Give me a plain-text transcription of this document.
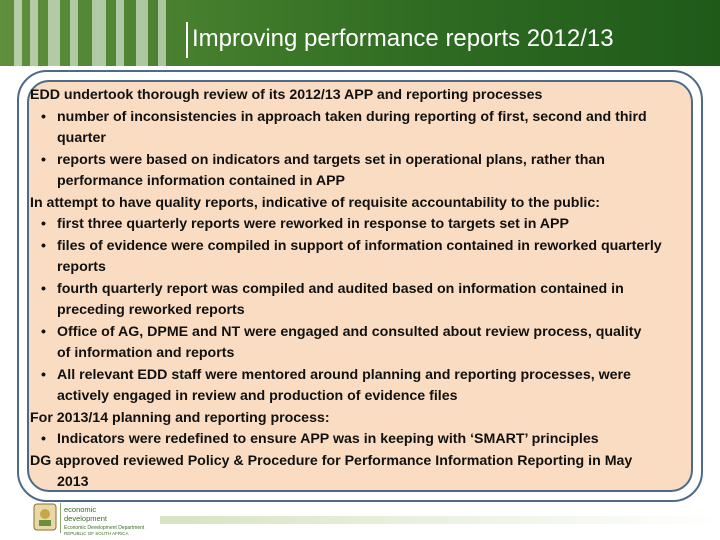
Improving performance reports 2012/13

EDD undertook thorough review of its 2012/13 APP and reporting processes

• number of inconsistencies in approach taken during reporting of first, second and third quarter
• reports were based on indicators and targets set in operational plans, rather than performance information contained in APP

In attempt to have quality reports, indicative of requisite accountability to the public:

• first three quarterly reports were reworked in response to targets set in APP
• files of evidence were compiled in support of information contained in reworked quarterly reports
• fourth quarterly report was compiled and audited based on information contained in preceding reworked reports
• Office of AG, DPME and NT were engaged and consulted about review process, quality of information and reports
• All relevant EDD staff were mentored around planning and reporting processes, were actively engaged in review and production of evidence files

For 2013/14 planning and reporting process:

• Indicators were redefined to ensure APP was in keeping with ‘SMART’ principles

DG approved reviewed Policy & Procedure for Performance Information Reporting in May 2013

economic
development
Economic Development Department
REPUBLIC OF SOUTH AFRICA
